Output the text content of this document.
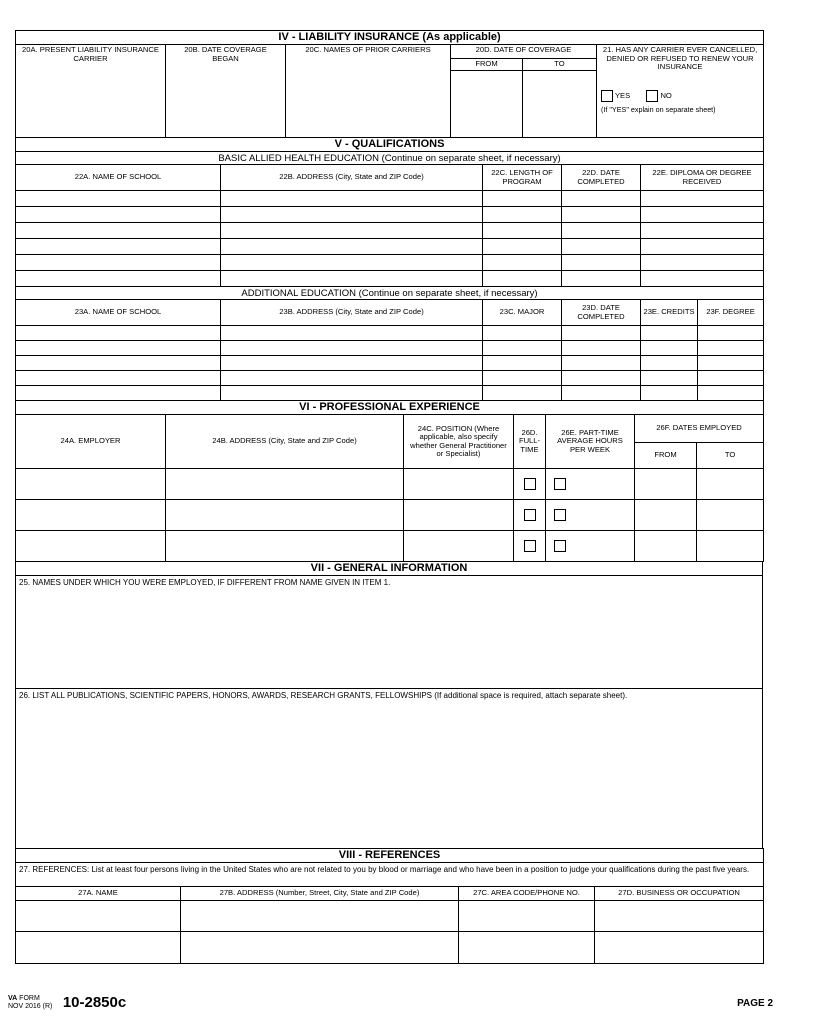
IV - LIABILITY INSURANCE (As applicable)					
20A. PRESENT LIABILITY INSURANCE CARRIER	20B. DATE COVERAGE BEGAN	20C. NAMES OF PRIOR CARRIERS	20D. DATE OF COVERAGE		21. HAS ANY CARRIER EVER CANCELLED, DENIED OR REFUSED TO RENEW YOUR INSURANCE
YES NO
(If "YES" explain on separate sheet)

			FROM	TO	

V - QUALIFICATIONS				
BASIC ALLIED HEALTH EDUCATION (Continue on separate sheet, if necessary)				
22A. NAME OF SCHOOL	22B. ADDRESS (City, State and ZIP Code)	22C. LENGTH OF PROGRAM	22D. DATE COMPLETED	22E. DIPLOMA OR DEGREE RECEIVED

ADDITIONAL EDUCATION (Continue on separate sheet, if necessary)					
23A. NAME OF SCHOOL	23B. ADDRESS (City, State and ZIP Code)	23C. MAJOR	23D. DATE COMPLETED	23E. CREDITS	23F. DEGREE

VI - PROFESSIONAL EXPERIENCE						
24A. EMPLOYER	24B. ADDRESS (City, State and ZIP Code)	24C. POSITION (Where applicable, also specify whether General Practitioner or Specialist)	26D. FULL-TIME	26E. PART-TIME AVERAGE HOURS PER WEEK	26F. DATES EMPLOYED	
					FROM	TO

VII - GENERAL INFORMATION
25. NAMES UNDER WHICH YOU WERE EMPLOYED, IF DIFFERENT FROM NAME GIVEN IN ITEM 1.
26. LIST ALL PUBLICATIONS, SCIENTIFIC PAPERS, HONORS, AWARDS, RESEARCH GRANTS, FELLOWSHIPS (If additional space is required, attach separate sheet).
VIII - REFERENCES			
27. REFERENCES: List at least four persons living in the United States who are not related to you by blood or marriage and who have been in a position to judge your qualifications during the past five years.			
27A. NAME	27B. ADDRESS (Number, Street, City, State and ZIP Code)	27C. AREA CODE/PHONE NO.	27D. BUSINESS OR OCCUPATION

VA FORM
NOV 2016 (R) 10-2850c	PAGE 2
